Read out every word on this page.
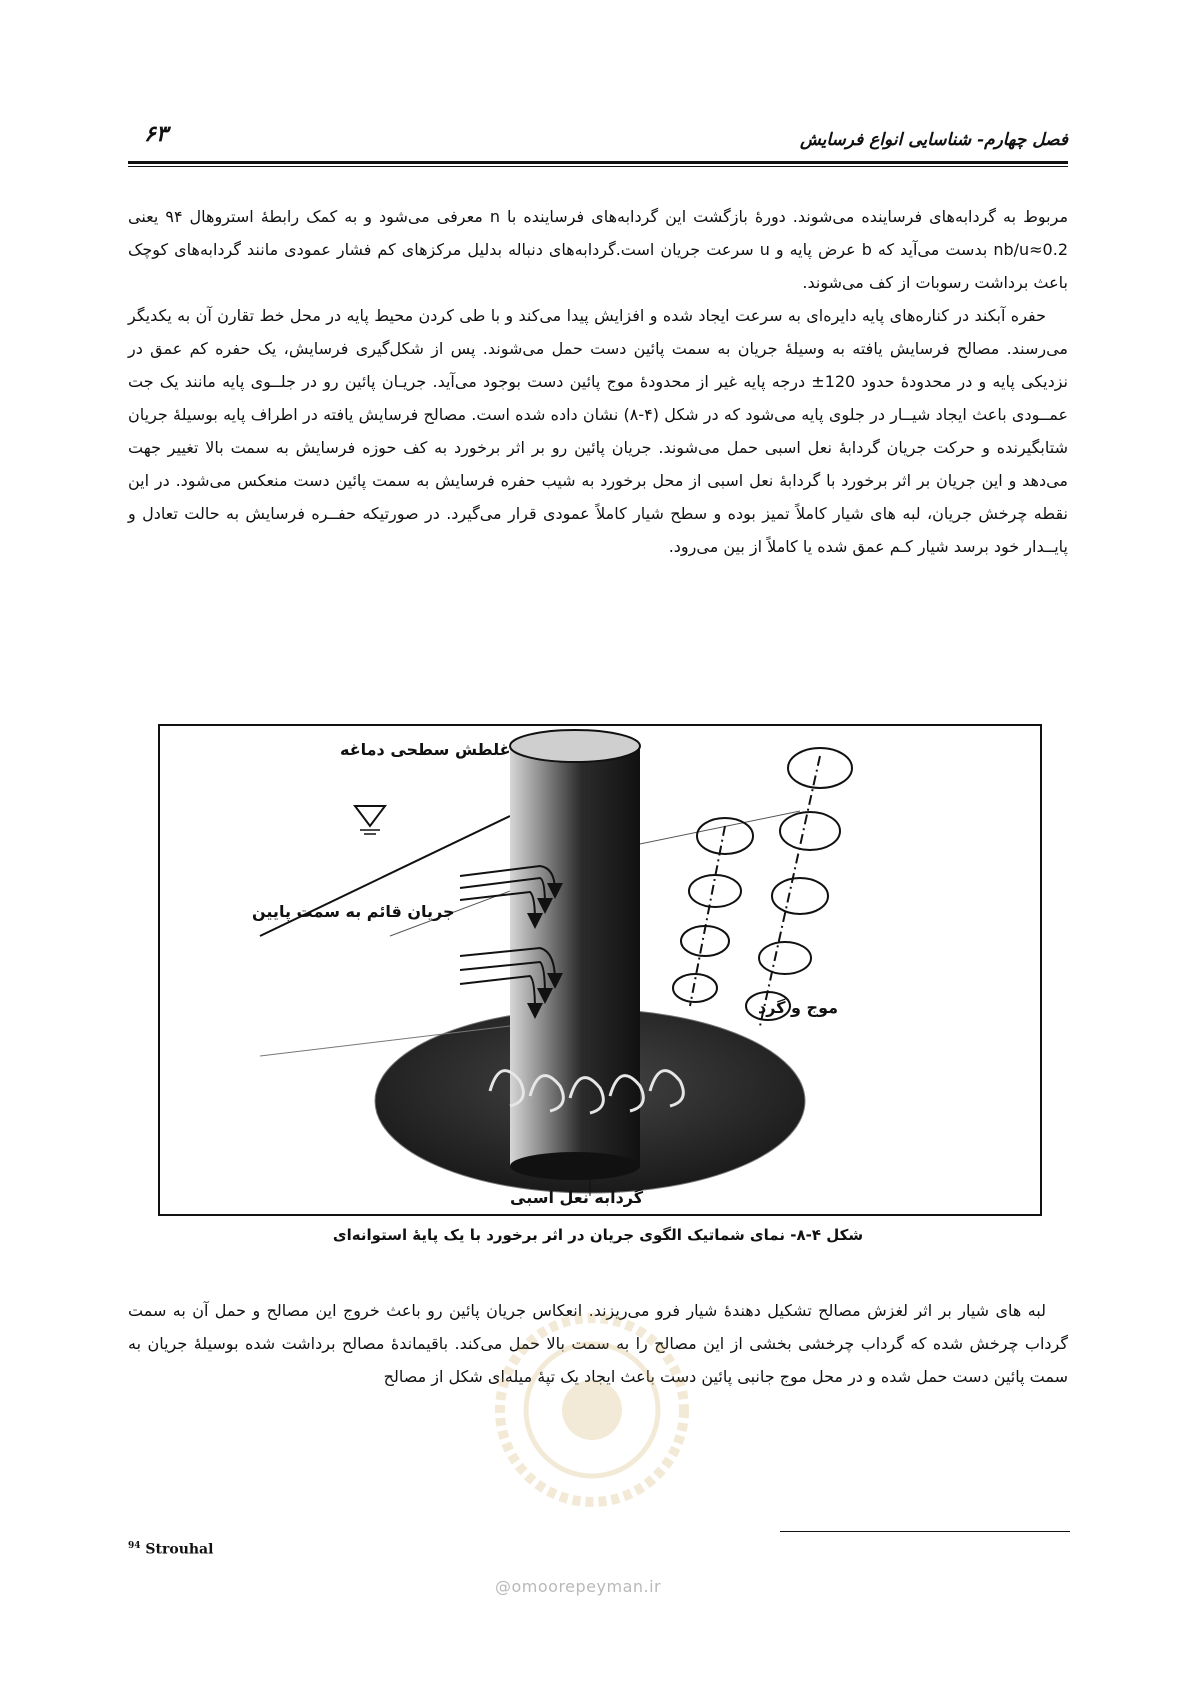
فصل چهارم- شناسایی انواع فرسایش
۶۳

مربوط به گردابه‌های فرساینده می‌شوند. دورهٔ بازگشت این گردابه‌های فرساینده با n معرفی می‌شود و به کمک رابطهٔ استروهال ۹۴ یعنی nb/u≈0.2 بدست می‌آید که b عرض پایه و u سرعت جریان است.گردابه‌های دنباله بدلیل مرکزهای کم فشار عمودی مانند گردابه‌های کوچک باعث برداشت رسوبات از کف می‌شوند.

حفره آبکند در کناره‌های پایه دایره‌ای به سرعت ایجاد شده و افزایش پیدا می‌کند و با طی کردن محیط پایه در محل خط تقارن آن به یکدیگر می‌رسند. مصالح فرسایش یافته به وسیلهٔ جریان به سمت پائین دست حمل می‌شوند. پس از شکل‌گیری فرسایش، یک حفره کم عمق در نزدیکی پایه و در محدودهٔ حدود 120± درجه پایه غیر از محدودهٔ موج پائین دست بوجود می‌آید. جریـان پائین رو در جلــوی پایه مانند یک جت عمــودی باعث ایجاد شیــار در جلوی پایه می‌شود که در شکل (۴-۸) نشان داده شده است. مصالح فرسایش یافته در اطراف پایه بوسیلهٔ جریان شتابگیرنده و حرکت جریان گردابهٔ نعل اسبی حمل می‌شوند. جریان پائین رو بر اثر برخورد به کف حوزه فرسایش به سمت بالا تغییر جهت می‌دهد و این جریان بر اثر برخورد با گردابهٔ نعل اسبی از محل برخورد به شیب حفره فرسایش به سمت پائین دست منعکس می‌شود. در این نقطه چرخش جریان، لبه های شیار کاملاً تمیز بوده و سطح شیار کاملاً عمودی قرار می‌گیرد. در صورتیکه حفــره فرسایش به حالت تعادل و پایــدار خود برسد شیار کـم عمق شده یا کاملاً از بین می‌رود.

غلطش سطحی دماغه
جریان قائم به سمت پایین
موج و گرد
گردابه نعل اسبی
شکل ۴-۸- نمای شماتیک الگوی جریان در اثر برخورد با یک پایهٔ استوانه‌ای

لبه های شیار بر اثر لغزش مصالح تشکیل دهندهٔ شیار فرو می‌ریزند. انعکاس جریان پائین رو باعث خروج این مصالح و حمل آن به سمت گرداب چرخش شده که گرداب چرخشی بخشی از این مصالح را به سمت بالا حمل می‌کند. باقیماندهٔ مصالح برداشت شده بوسیلهٔ جریان به سمت پائین دست حمل شده و در محل موج جانبی پائین دست باعث ایجاد یک تپهٔ میله‌ای شکل از مصالح

$^{94}$ Strouhal
@omoorepeyman.ir
